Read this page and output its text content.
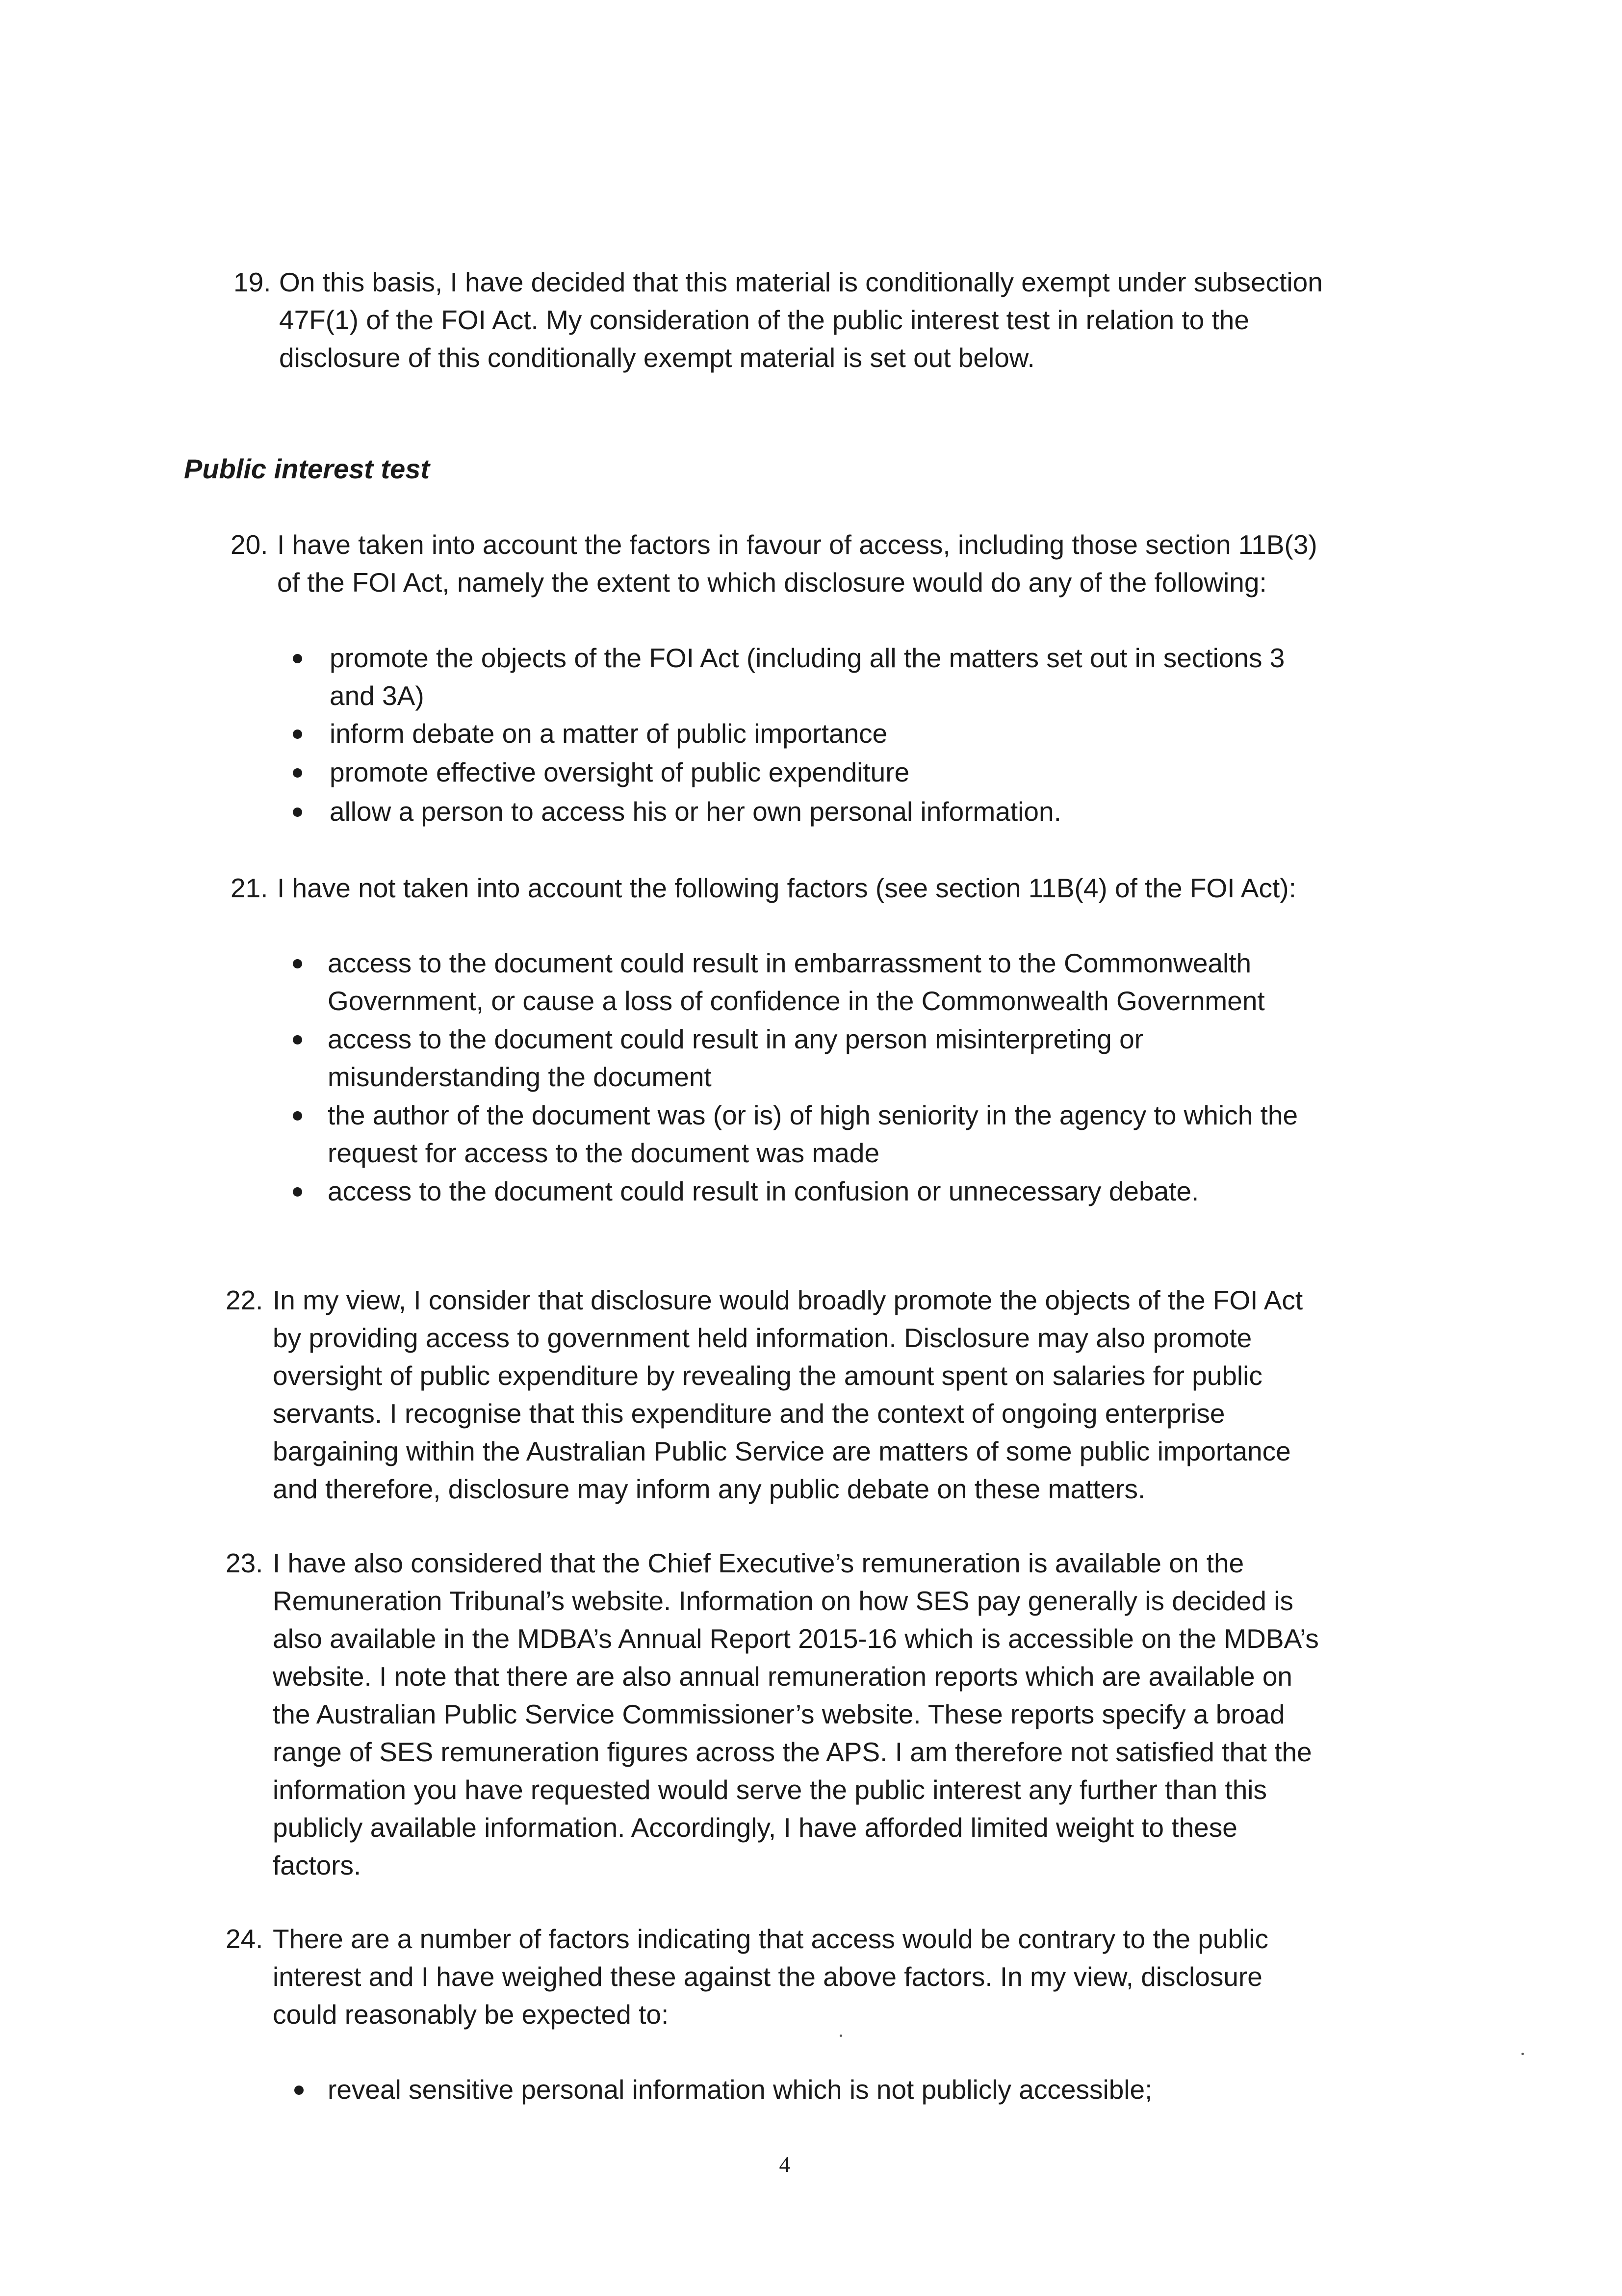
19. On this basis, I have decided that this material is conditionally exempt under subsection
47F(1) of the FOI Act. My consideration of the public interest test in relation to the
disclosure of this conditionally exempt material is set out below.
Public interest test
20. I have taken into account the factors in favour of access, including those section 11B(3)
of the FOI Act, namely the extent to which disclosure would do any of the following:
promote the objects of the FOI Act (including all the matters set out in sections 3
and 3A)
inform debate on a matter of public importance
promote effective oversight of public expenditure
allow a person to access his or her own personal information.
21. I have not taken into account the following factors (see section 11B(4) of the FOI Act):
access to the document could result in embarrassment to the Commonwealth
Government, or cause a loss of confidence in the Commonwealth Government
access to the document could result in any person misinterpreting or
misunderstanding the document
the author of the document was (or is) of high seniority in the agency to which the
request for access to the document was made
access to the document could result in confusion or unnecessary debate.
22. In my view, I consider that disclosure would broadly promote the objects of the FOI Act
by providing access to government held information. Disclosure may also promote
oversight of public expenditure by revealing the amount spent on salaries for public
servants. I recognise that this expenditure and the context of ongoing enterprise
bargaining within the Australian Public Service are matters of some public importance
and therefore, disclosure may inform any public debate on these matters.
23. I have also considered that the Chief Executive’s remuneration is available on the
Remuneration Tribunal’s website. Information on how SES pay generally is decided is
also available in the MDBA’s Annual Report 2015-16 which is accessible on the MDBA’s
website. I note that there are also annual remuneration reports which are available on
the Australian Public Service Commissioner’s website. These reports specify a broad
range of SES remuneration figures across the APS. I am therefore not satisfied that the
information you have requested would serve the public interest any further than this
publicly available information. Accordingly, I have afforded limited weight to these
factors.
24. There are a number of factors indicating that access would be contrary to the public
interest and I have weighed these against the above factors. In my view, disclosure
could reasonably be expected to:
reveal sensitive personal information which is not publicly accessible;
4
